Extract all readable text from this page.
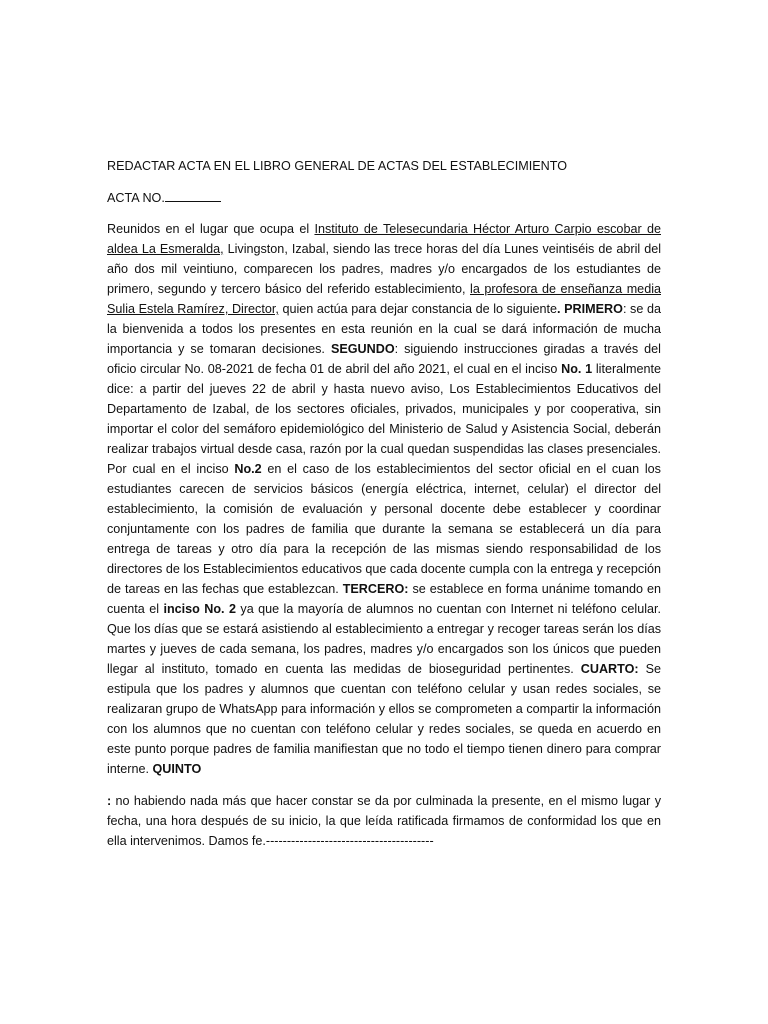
REDACTAR ACTA EN EL LIBRO GENERAL DE ACTAS DEL ESTABLECIMIENTO

ACTA NO.

Reunidos en el lugar que ocupa el Instituto de Telesecundaria Héctor Arturo Carpio escobar de aldea La Esmeralda, Livingston, Izabal, siendo las trece horas del día Lunes veintiséis de abril del año dos mil veintiuno, comparecen los padres, madres y/o encargados de los estudiantes de primero, segundo y tercero básico del referido establecimiento, la profesora de enseñanza media Sulia Estela Ramírez, Director, quien actúa para dejar constancia de lo siguiente. PRIMERO: se da la bienvenida a todos los presentes en esta reunión en la cual se dará información de mucha importancia y se tomaran decisiones. SEGUNDO: siguiendo instrucciones giradas a través del oficio circular No. 08-2021 de fecha 01 de abril del año 2021, el cual en el inciso No. 1 literalmente dice: a partir del jueves 22 de abril y hasta nuevo aviso, Los Establecimientos Educativos del Departamento de Izabal, de los sectores oficiales, privados, municipales y por cooperativa, sin importar el color del semáforo epidemiológico del Ministerio de Salud y Asistencia Social, deberán realizar trabajos virtual desde casa, razón por la cual quedan suspendidas las clases presenciales. Por cual en el inciso No.2 en el caso de los establecimientos del sector oficial en el cuan los estudiantes carecen de servicios básicos (energía eléctrica, internet, celular) el director del establecimiento, la comisión de evaluación y personal docente debe establecer y coordinar conjuntamente con los padres de familia que durante la semana se establecerá un día para entrega de tareas y otro día para la recepción de las mismas siendo responsabilidad de los directores de los Establecimientos educativos que cada docente cumpla con la entrega y recepción de tareas en las fechas que establezcan. TERCERO: se establece en forma unánime tomando en cuenta el inciso No. 2 ya que la mayoría de alumnos no cuentan con Internet ni teléfono celular. Que los días que se estará asistiendo al establecimiento a entregar y recoger tareas serán los días martes y jueves de cada semana, los padres, madres y/o encargados son los únicos que pueden llegar al instituto, tomado en cuenta las medidas de bioseguridad pertinentes. CUARTO: Se estipula que los padres y alumnos que cuentan con teléfono celular y usan redes sociales, se realizaran grupo de WhatsApp para información y ellos se comprometen a compartir la información con los alumnos que no cuentan con teléfono celular y redes sociales, se queda en acuerdo en este punto porque padres de familia manifiestan que no todo el tiempo tienen dinero para comprar interne. QUINTO

: no habiendo nada más que hacer constar se da por culminada la presente, en el mismo lugar y fecha, una hora después de su inicio, la que leída ratificada firmamos de conformidad los que en ella intervenimos. Damos fe.----------------------------------------
